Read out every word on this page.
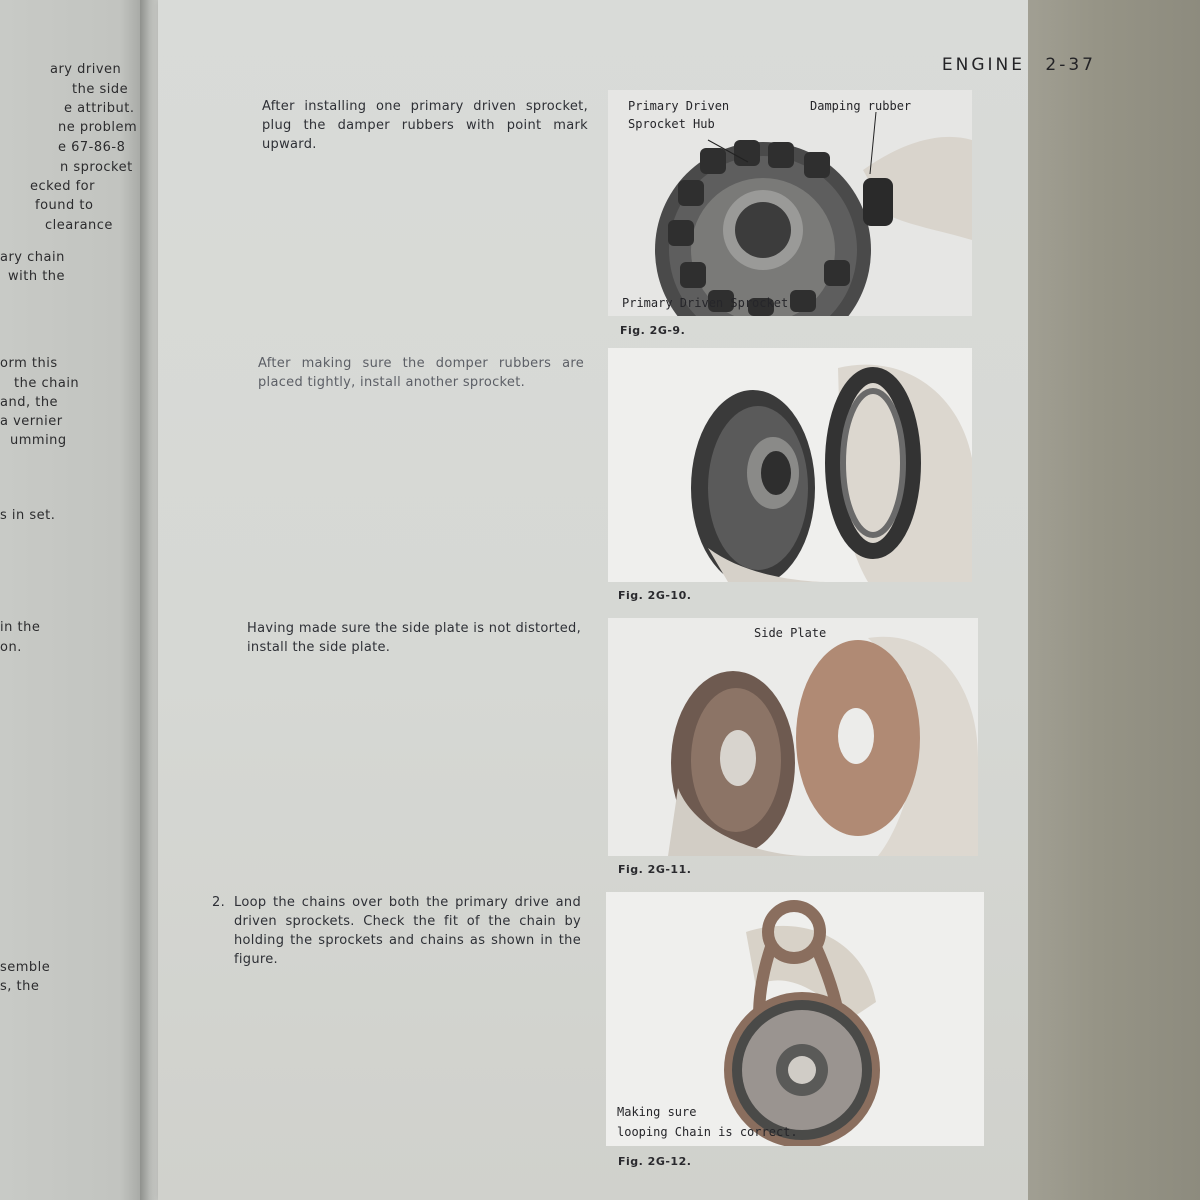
ary driven
the side
e attribut.
ne problem
e 67-86-8
n sprocket
ecked for
found to
clearance
ary chain
with the
orm this
the chain
and, the
a vernier
umming
s in set.
in the
on.
semble
s, the
ENGINE 2-37
After installing one primary driven sprocket, plug the damper rubbers with point mark upward.
After making sure the domper rubbers are placed tightly, install another sprocket.
Having made sure the side plate is not distorted, install the side plate.
2. Loop the chains over both the primary drive and driven sprockets. Check the fit of the chain by holding the sprockets and chains as shown in the figure.
Primary Driven
Sprocket Hub
Damping rubber
Primary Driven Sprocket
Fig. 2G-9.
Fig. 2G-10.
Side Plate
Fig. 2G-11.
Making sure
looping Chain is correct.
Fig. 2G-12.
